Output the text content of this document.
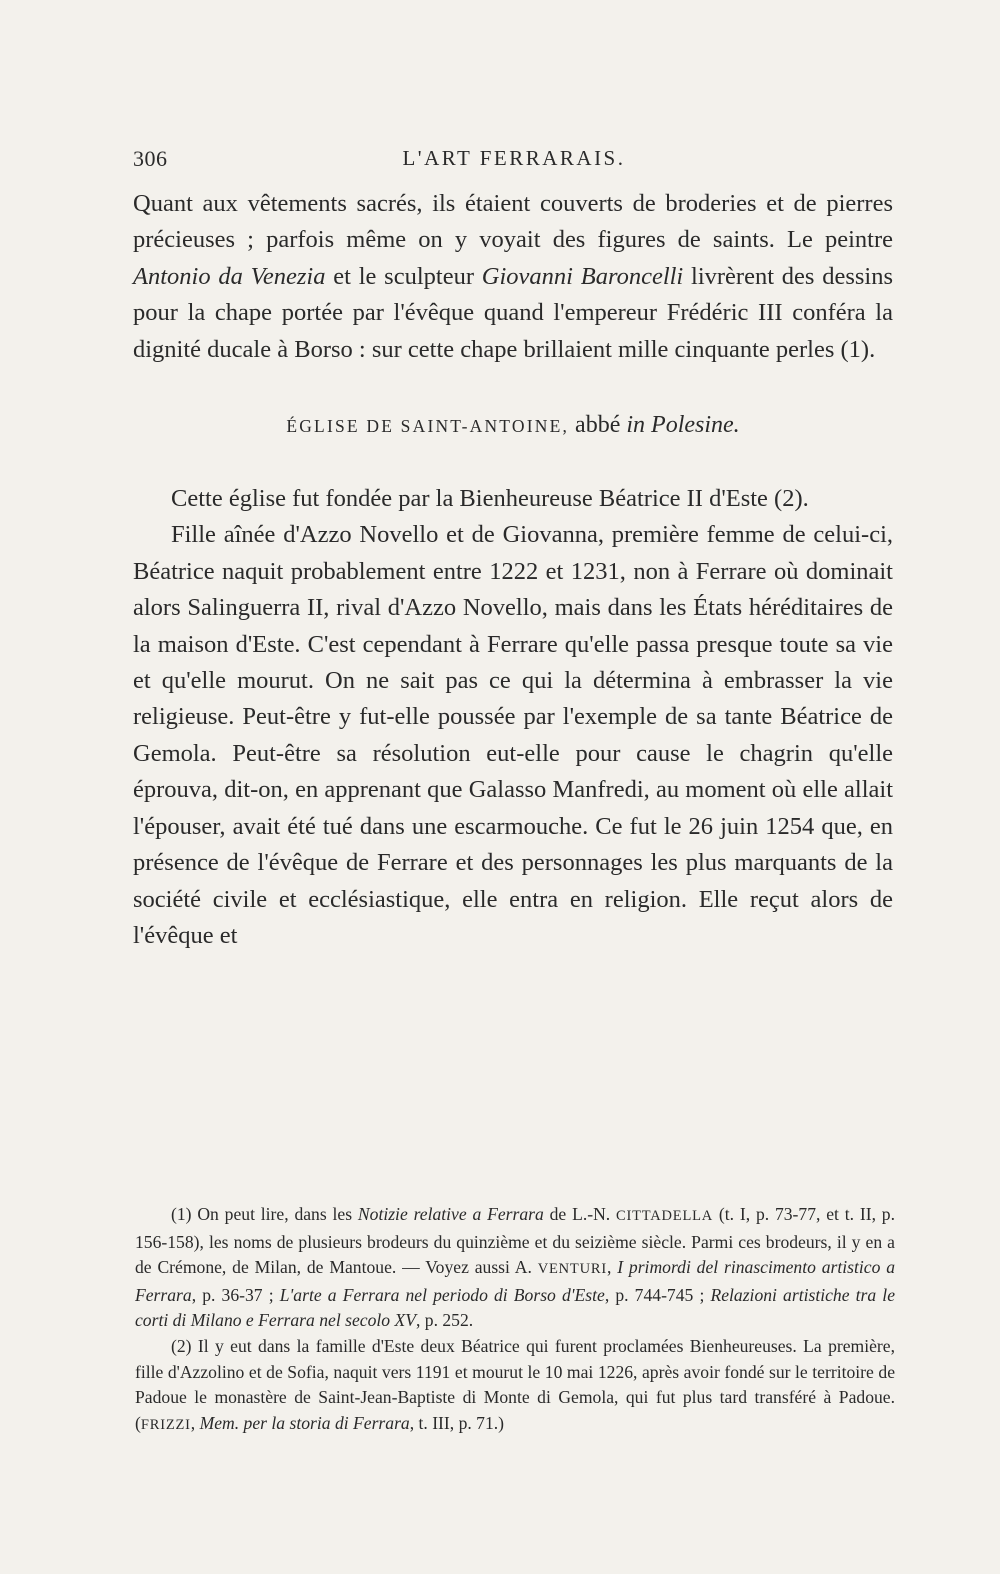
306	L'ART FERRARAIS.

Quant aux vêtements sacrés, ils étaient couverts de broderies et de pierres précieuses ; parfois même on y voyait des figures de saints. Le peintre Antonio da Venezia et le sculpteur Giovanni Baroncelli livrèrent des dessins pour la chape portée par l'évêque quand l'empereur Frédéric III conféra la dignité ducale à Borso : sur cette chape brillaient mille cinquante perles (1).

ÉGLISE DE SAINT-ANTOINE, abbé in Polesine.

Cette église fut fondée par la Bienheureuse Béatrice II d'Este (2).

Fille aînée d'Azzo Novello et de Giovanna, première femme de celui-ci, Béatrice naquit probablement entre 1222 et 1231, non à Ferrare où dominait alors Salinguerra II, rival d'Azzo Novello, mais dans les États héréditaires de la maison d'Este. C'est cependant à Ferrare qu'elle passa presque toute sa vie et qu'elle mourut. On ne sait pas ce qui la détermina à embrasser la vie religieuse. Peut-être y fut-elle poussée par l'exemple de sa tante Béatrice de Gemola. Peut-être sa résolution eut-elle pour cause le chagrin qu'elle éprouva, dit-on, en apprenant que Galasso Manfredi, au moment où elle allait l'épouser, avait été tué dans une escarmouche. Ce fut le 26 juin 1254 que, en présence de l'évêque de Ferrare et des personnages les plus marquants de la société civile et ecclésiastique, elle entra en religion. Elle reçut alors de l'évêque et

(1) On peut lire, dans les Notizie relative a Ferrara de L.-N. CITTADELLA (t. I, p. 73-77, et t. II, p. 156-158), les noms de plusieurs brodeurs du quinzième et du seizième siècle. Parmi ces brodeurs, il y en a de Crémone, de Milan, de Mantoue. — Voyez aussi A. VENTURI, I primordi del rinascimento artistico a Ferrara, p. 36-37 ; L'arte a Ferrara nel periodo di Borso d'Este, p. 744-745 ; Relazioni artistiche tra le corti di Milano e Ferrara nel secolo XV, p. 252.

(2) Il y eut dans la famille d'Este deux Béatrice qui furent proclamées Bienheureuses. La première, fille d'Azzolino et de Sofia, naquit vers 1191 et mourut le 10 mai 1226, après avoir fondé sur le territoire de Padoue le monastère de Saint-Jean-Baptiste di Monte di Gemola, qui fut plus tard transféré à Padoue. (FRIZZI, Mem. per la storia di Ferrara, t. III, p. 71.)
